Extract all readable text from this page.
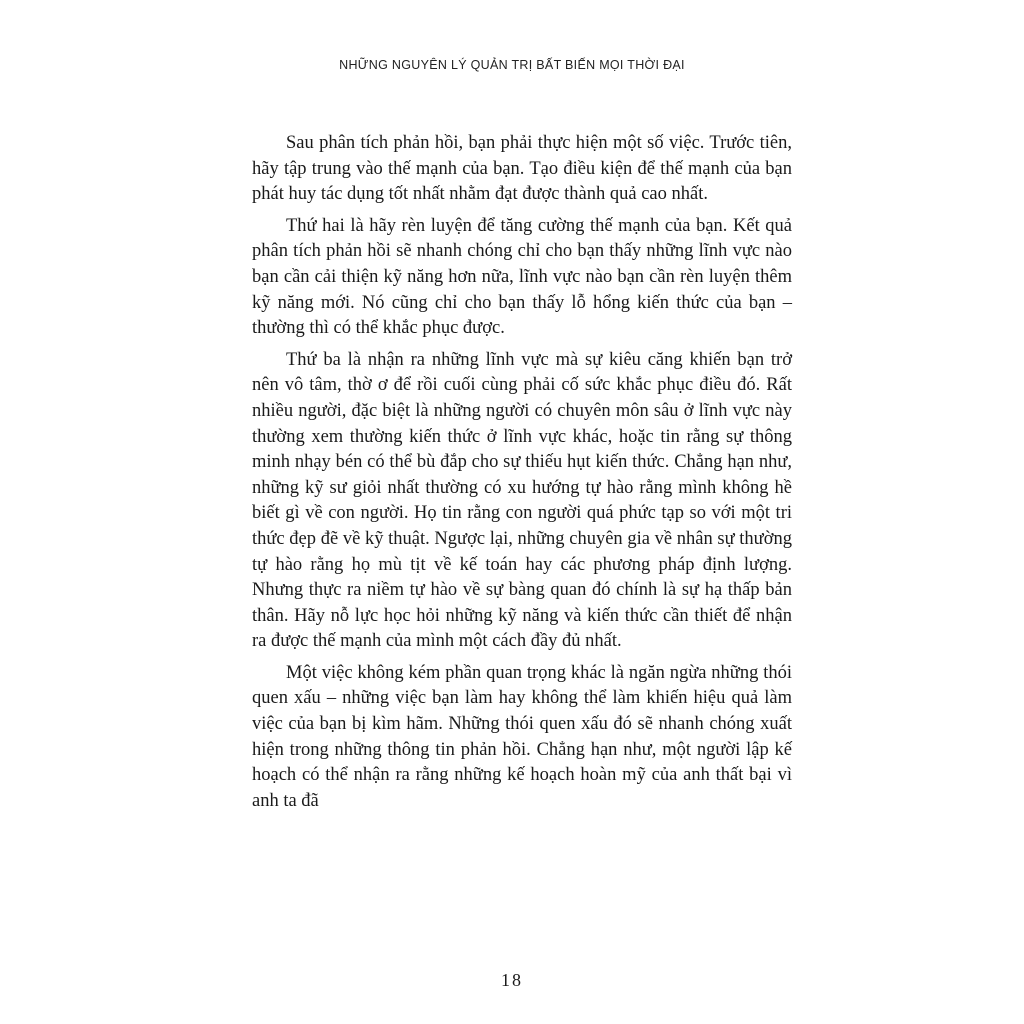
NHỮNG NGUYÊN LÝ QUẢN TRỊ BẤT BIẾN MỌI THỜI ĐẠI

Sau phân tích phản hồi, bạn phải thực hiện một số việc. Trước tiên, hãy tập trung vào thế mạnh của bạn. Tạo điều kiện để thế mạnh của bạn phát huy tác dụng tốt nhất nhằm đạt được thành quả cao nhất.

Thứ hai là hãy rèn luyện để tăng cường thế mạnh của bạn. Kết quả phân tích phản hồi sẽ nhanh chóng chỉ cho bạn thấy những lĩnh vực nào bạn cần cải thiện kỹ năng hơn nữa, lĩnh vực nào bạn cần rèn luyện thêm kỹ năng mới. Nó cũng chỉ cho bạn thấy lỗ hổng kiến thức của bạn – thường thì có thể khắc phục được.

Thứ ba là nhận ra những lĩnh vực mà sự kiêu căng khiến bạn trở nên vô tâm, thờ ơ để rồi cuối cùng phải cố sức khắc phục điều đó. Rất nhiều người, đặc biệt là những người có chuyên môn sâu ở lĩnh vực này thường xem thường kiến thức ở lĩnh vực khác, hoặc tin rằng sự thông minh nhạy bén có thể bù đắp cho sự thiếu hụt kiến thức. Chẳng hạn như, những kỹ sư giỏi nhất thường có xu hướng tự hào rằng mình không hề biết gì về con người. Họ tin rằng con người quá phức tạp so với một tri thức đẹp đẽ về kỹ thuật. Ngược lại, những chuyên gia về nhân sự thường tự hào rằng họ mù tịt về kế toán hay các phương pháp định lượng. Nhưng thực ra niềm tự hào về sự bàng quan đó chính là sự hạ thấp bản thân. Hãy nỗ lực học hỏi những kỹ năng và kiến thức cần thiết để nhận ra được thế mạnh của mình một cách đầy đủ nhất.

Một việc không kém phần quan trọng khác là ngăn ngừa những thói quen xấu – những việc bạn làm hay không thể làm khiến hiệu quả làm việc của bạn bị kìm hãm. Những thói quen xấu đó sẽ nhanh chóng xuất hiện trong những thông tin phản hồi. Chẳng hạn như, một người lập kế hoạch có thể nhận ra rằng những kế hoạch hoàn mỹ của anh thất bại vì anh ta đã

18
